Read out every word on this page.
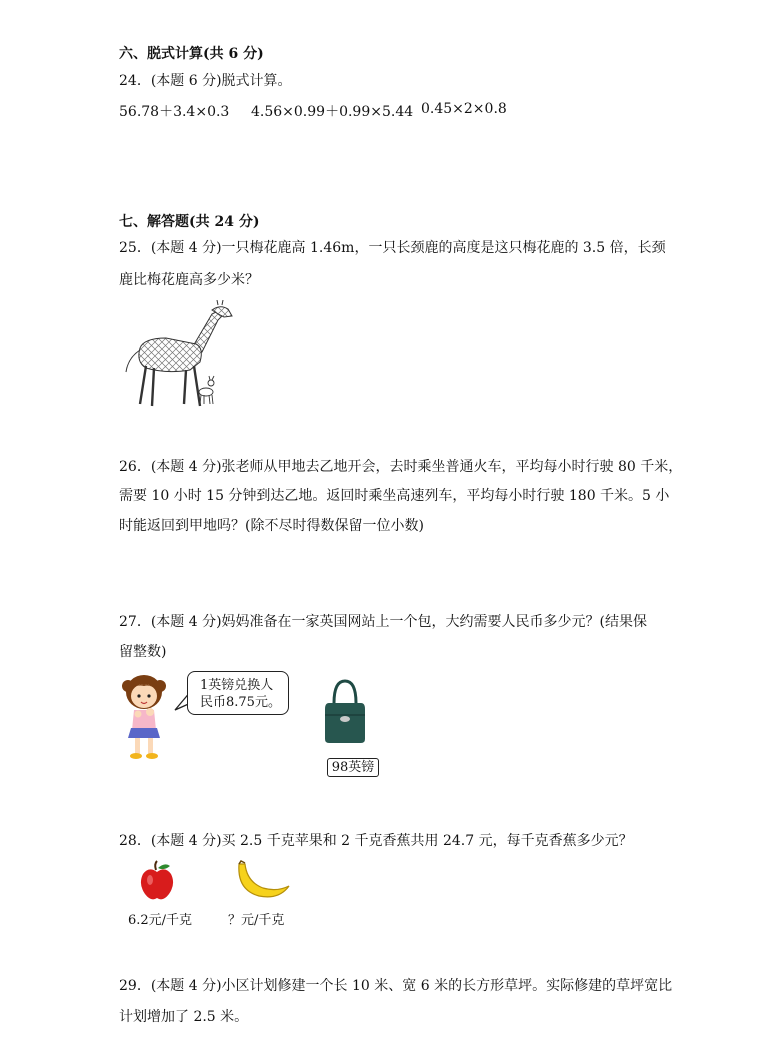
六、脱式计算(共 6 分)
24．(本题 6 分)脱式计算。
56.78＋3.4×0.3 4.56×0.99＋0.99×5.44 0.45×2×0.8
七、解答题(共 24 分)
25．(本题 4 分)一只梅花鹿高 1.46m，一只长颈鹿的高度是这只梅花鹿的 3.5 倍，长颈
鹿比梅花鹿高多少米？
26．(本题 4 分)张老师从甲地去乙地开会，去时乘坐普通火车，平均每小时行驶 80 千米，
需要 10 小时 15 分钟到达乙地。返回时乘坐高速列车，平均每小时行驶 180 千米。5 小
时能返回到甲地吗？(除不尽时得数保留一位小数)
27．(本题 4 分)妈妈准备在一家英国网站上一个包，大约需要人民币多少元？(结果保
留整数)
1英镑兑换人民币8.75元。
98英镑
28．(本题 4 分)买 2.5 千克苹果和 2 千克香蕉共用 24.7 元，每千克香蕉多少元？
6.2元/千克	？元/千克
29．(本题 4 分)小区计划修建一个长 10 米、宽 6 米的长方形草坪。实际修建的草坪宽比
计划增加了 2.5 米。
